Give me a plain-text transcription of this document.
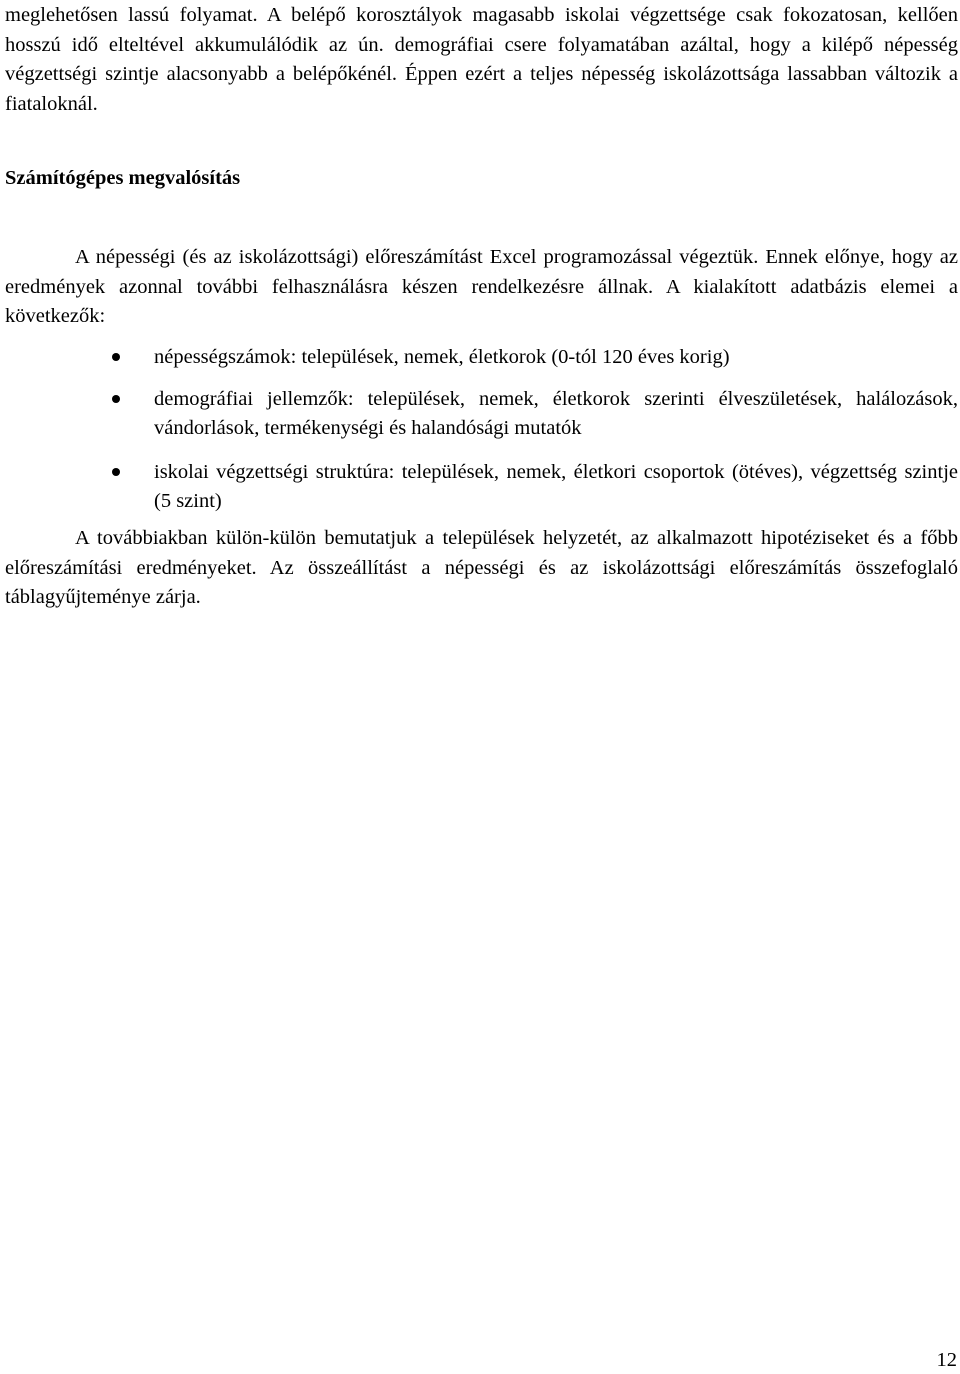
meglehetősen lassú folyamat. A belépő korosztályok magasabb iskolai végzettsége csak fokozatosan, kellően hosszú idő elteltével akkumulálódik az ún. demográfiai csere folyamatában azáltal, hogy a kilépő népesség végzettségi szintje alacsonyabb a belépőkénél. Éppen ezért a teljes népesség iskolázottsága lassabban változik a fiataloknál.

Számítógépes megvalósítás

A népességi (és az iskolázottsági) előreszámítást Excel programozással végeztük. Ennek előnye, hogy az eredmények azonnal további felhasználásra készen rendelkezésre állnak. A kialakított adatbázis elemei a következők:

népességszámok: települések, nemek, életkorok (0-tól 120 éves korig)
demográfiai jellemzők: települések, nemek, életkorok szerinti élveszületések, halálozások, vándorlások, termékenységi és halandósági mutatók
iskolai végzettségi struktúra: települések, nemek, életkori csoportok (ötéves), végzettség szintje (5 szint)

A továbbiakban külön-külön bemutatjuk a települések helyzetét, az alkalmazott hipotéziseket és a főbb előreszámítási eredményeket. Az összeállítást a népességi és az iskolázottsági előreszámítás összefoglaló táblagyűjteménye zárja.

12
